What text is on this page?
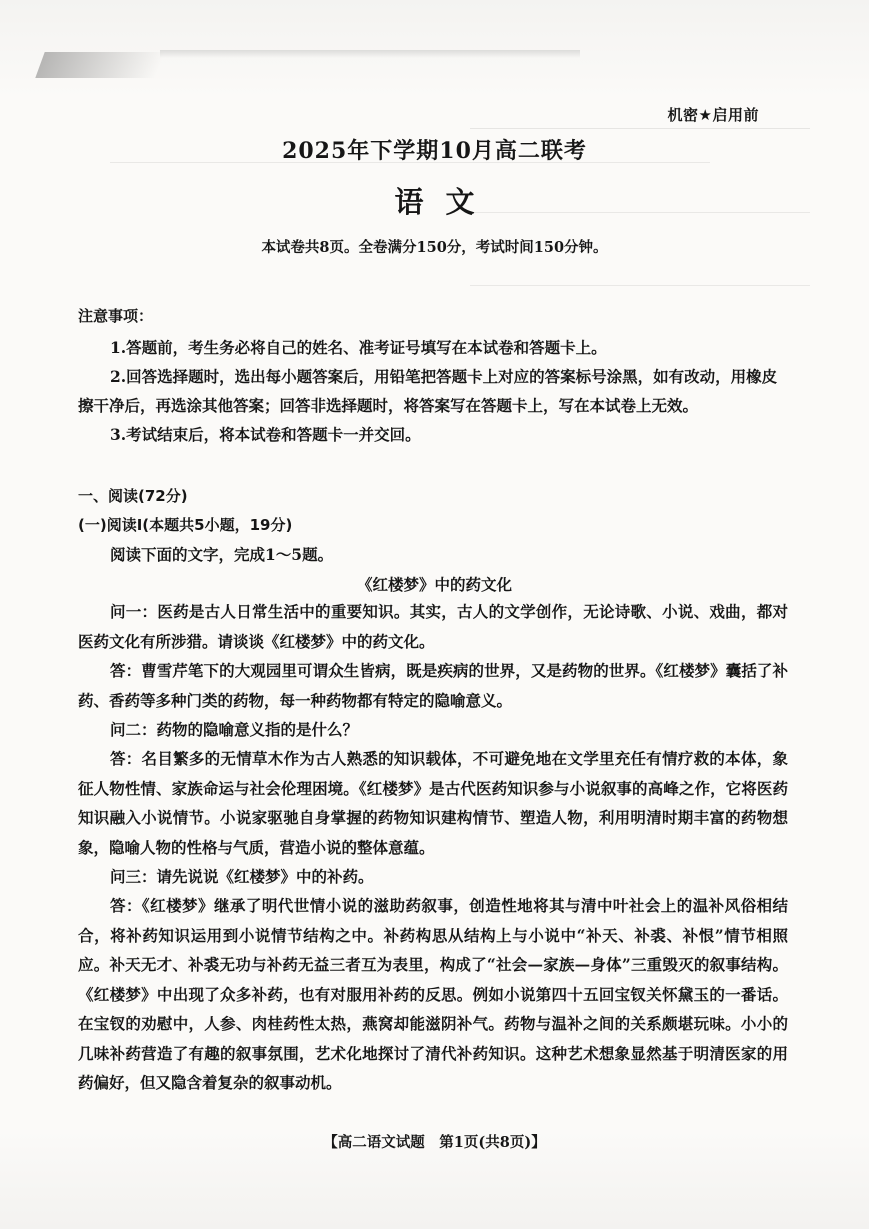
机密★启用前
2025年下学期10月高二联考
语文
本试卷共8页。全卷满分150分，考试时间150分钟。
注意事项：
1.答题前，考生务必将自己的姓名、准考证号填写在本试卷和答题卡上。
2.回答选择题时，选出每小题答案后，用铅笔把答题卡上对应的答案标号涂黑，如有改动，用橡皮擦干净后，再选涂其他答案；回答非选择题时，将答案写在答题卡上，写在本试卷上无效。
3.考试结束后，将本试卷和答题卡一并交回。
一、阅读(72分)
(一)阅读Ⅰ(本题共5小题，19分)
阅读下面的文字，完成1～5题。
《红楼梦》中的药文化
问一：医药是古人日常生活中的重要知识。其实，古人的文学创作，无论诗歌、小说、戏曲，都对医药文化有所涉猎。请谈谈《红楼梦》中的药文化。
答：曹雪芹笔下的大观园里可谓众生皆病，既是疾病的世界，又是药物的世界。《红楼梦》囊括了补药、香药等多种门类的药物，每一种药物都有特定的隐喻意义。
问二：药物的隐喻意义指的是什么？
答：名目繁多的无情草木作为古人熟悉的知识载体，不可避免地在文学里充任有情疗救的本体，象征人物性情、家族命运与社会伦理困境。《红楼梦》是古代医药知识参与小说叙事的高峰之作，它将医药知识融入小说情节。小说家驱驰自身掌握的药物知识建构情节、塑造人物，利用明清时期丰富的药物想象，隐喻人物的性格与气质，营造小说的整体意蕴。
问三：请先说说《红楼梦》中的补药。
答：《红楼梦》继承了明代世情小说的滋助药叙事，创造性地将其与清中叶社会上的温补风俗相结合，将补药知识运用到小说情节结构之中。补药构思从结构上与小说中“补天、补裘、补恨”情节相照应。补天无才、补裘无功与补药无益三者互为表里，构成了“社会—家族—身体”三重毁灭的叙事结构。《红楼梦》中出现了众多补药，也有对服用补药的反思。例如小说第四十五回宝钗关怀黛玉的一番话。在宝钗的劝慰中，人参、肉桂药性太热，燕窝却能滋阴补气。药物与温补之间的关系颇堪玩味。小小的几味补药营造了有趣的叙事氛围，艺术化地探讨了清代补药知识。这种艺术想象显然基于明清医家的用药偏好，但又隐含着复杂的叙事动机。
【高二语文试题　第1页(共8页)】
